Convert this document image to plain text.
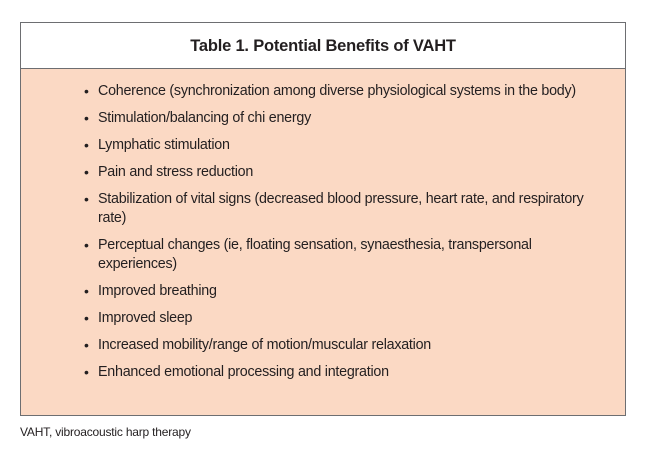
Table 1. Potential Benefits of VAHT
• Coherence (synchronization among diverse physiological systems in the body)
• Stimulation/balancing of chi energy
• Lymphatic stimulation
• Pain and stress reduction
• Stabilization of vital signs (decreased blood pressure, heart rate, and respiratory rate)
• Perceptual changes (ie, floating sensation, synaesthesia, transpersonal experiences)
• Improved breathing
• Improved sleep
• Increased mobility/range of motion/muscular relaxation
• Enhanced emotional processing and integration
VAHT, vibroacoustic harp therapy
